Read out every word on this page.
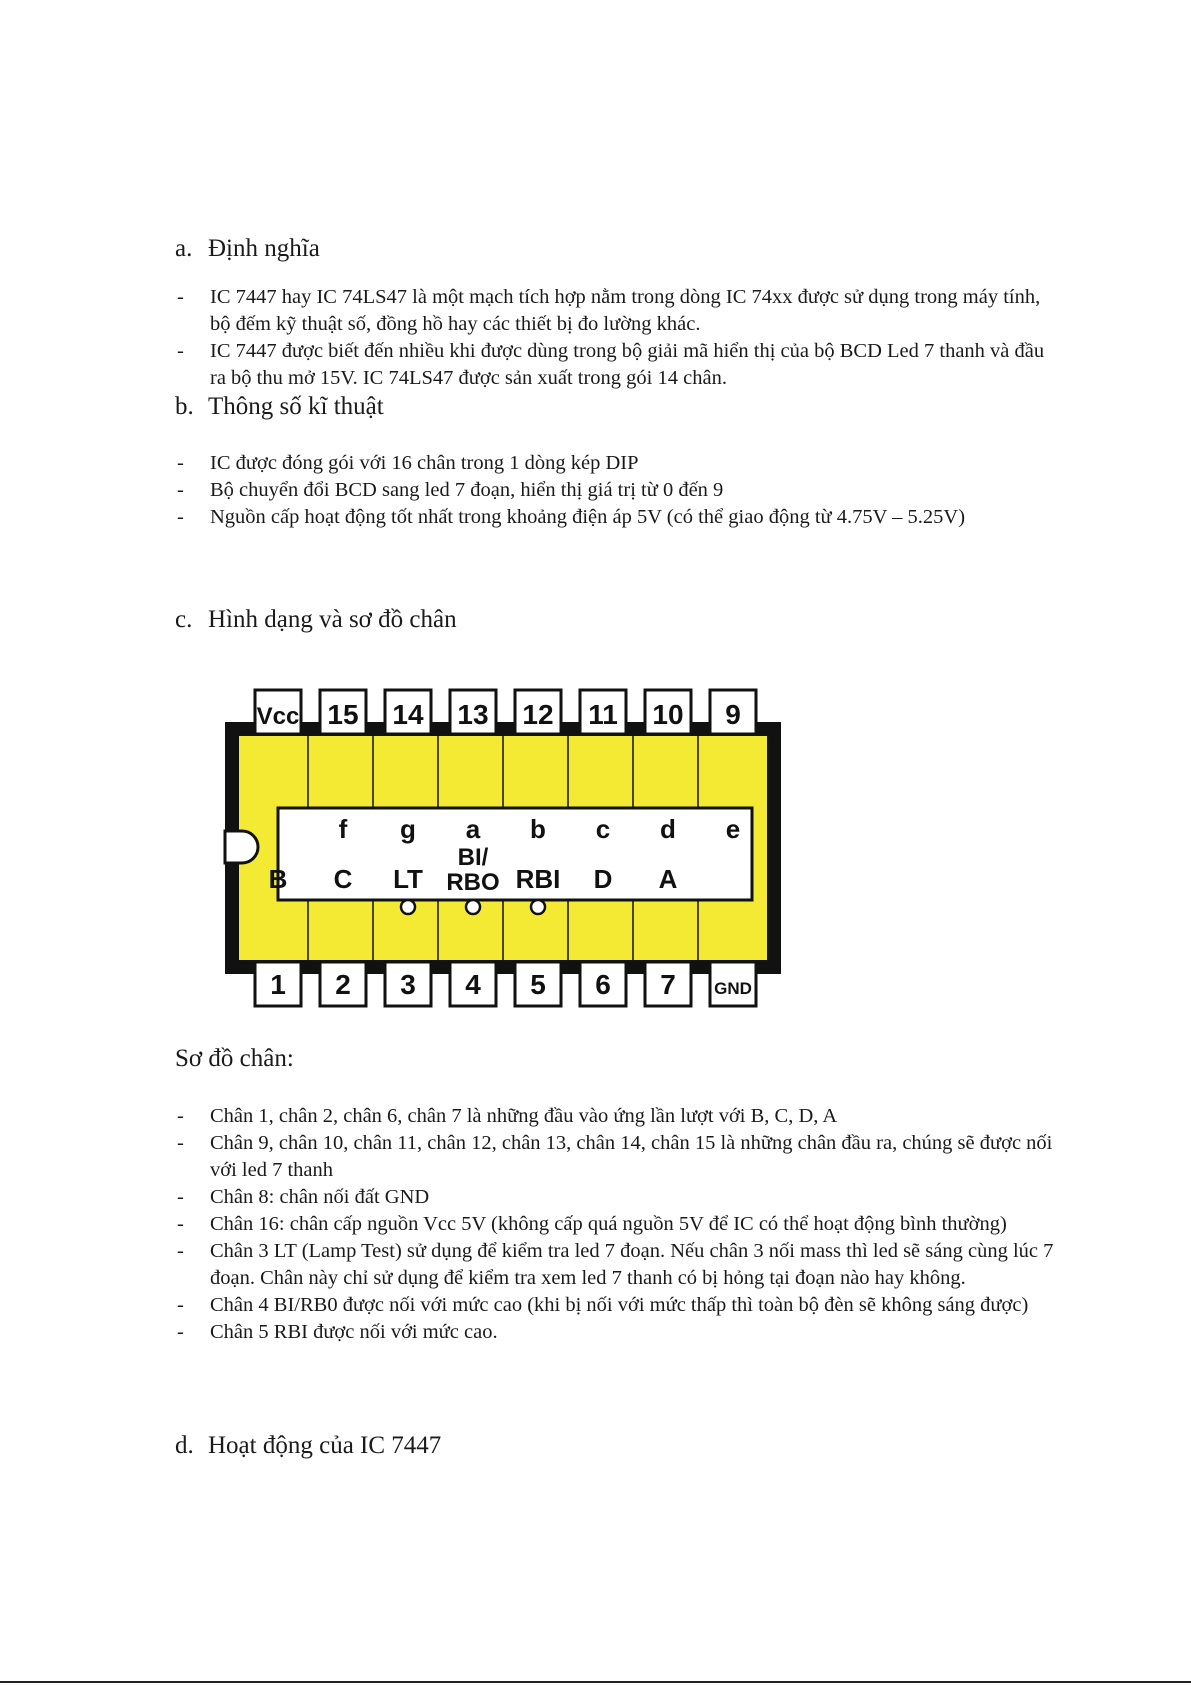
a. Định nghĩa
- IC 7447 hay IC 74LS47 là một mạch tích hợp nằm trong dòng IC 74xx được sử dụng trong máy tính, bộ đếm kỹ thuật số, đồng hồ hay các thiết bị đo lường khác.
- IC 7447 được biết đến nhiều khi được dùng trong bộ giải mã hiển thị của bộ BCD Led 7 thanh và đầu ra bộ thu mở 15V. IC 74LS47 được sản xuất trong gói 14 chân.
b. Thông số kĩ thuật
- IC được đóng gói với 16 chân trong 1 dòng kép DIP
- Bộ chuyển đổi BCD sang led 7 đoạn, hiển thị giá trị từ 0 đến 9
- Nguồn cấp hoạt động tốt nhất trong khoảng điện áp 5V (có thể giao động từ 4.75V – 5.25V)
c. Hình dạng và sơ đồ chân
Vcc 15
f
14
g
13
a
12
b
11
c
10
d
9
e
1
B
2
C
3
LT
4
BI/
RBO
5
RBI
6
D
7
A
GND
Sơ đồ chân:
- Chân 1, chân 2, chân 6, chân 7 là những đầu vào ứng lần lượt với B, C, D, A
- Chân 9, chân 10, chân 11, chân 12, chân 13, chân 14, chân 15 là những chân đầu ra, chúng sẽ được nối với led 7 thanh
- Chân 8: chân nối đất GND
- Chân 16: chân cấp nguồn Vcc 5V (không cấp quá nguồn 5V để IC có thể hoạt động bình thường)
- Chân 3 LT (Lamp Test) sử dụng để kiểm tra led 7 đoạn. Nếu chân 3 nối mass thì led sẽ sáng cùng lúc 7 đoạn. Chân này chỉ sử dụng để kiểm tra xem led 7 thanh có bị hỏng tại đoạn nào hay không.
- Chân 4 BI/RB0 được nối với mức cao (khi bị nối với mức thấp thì toàn bộ đèn sẽ không sáng được)
- Chân 5 RBI được nối với mức cao.
d. Hoạt động của IC 7447
